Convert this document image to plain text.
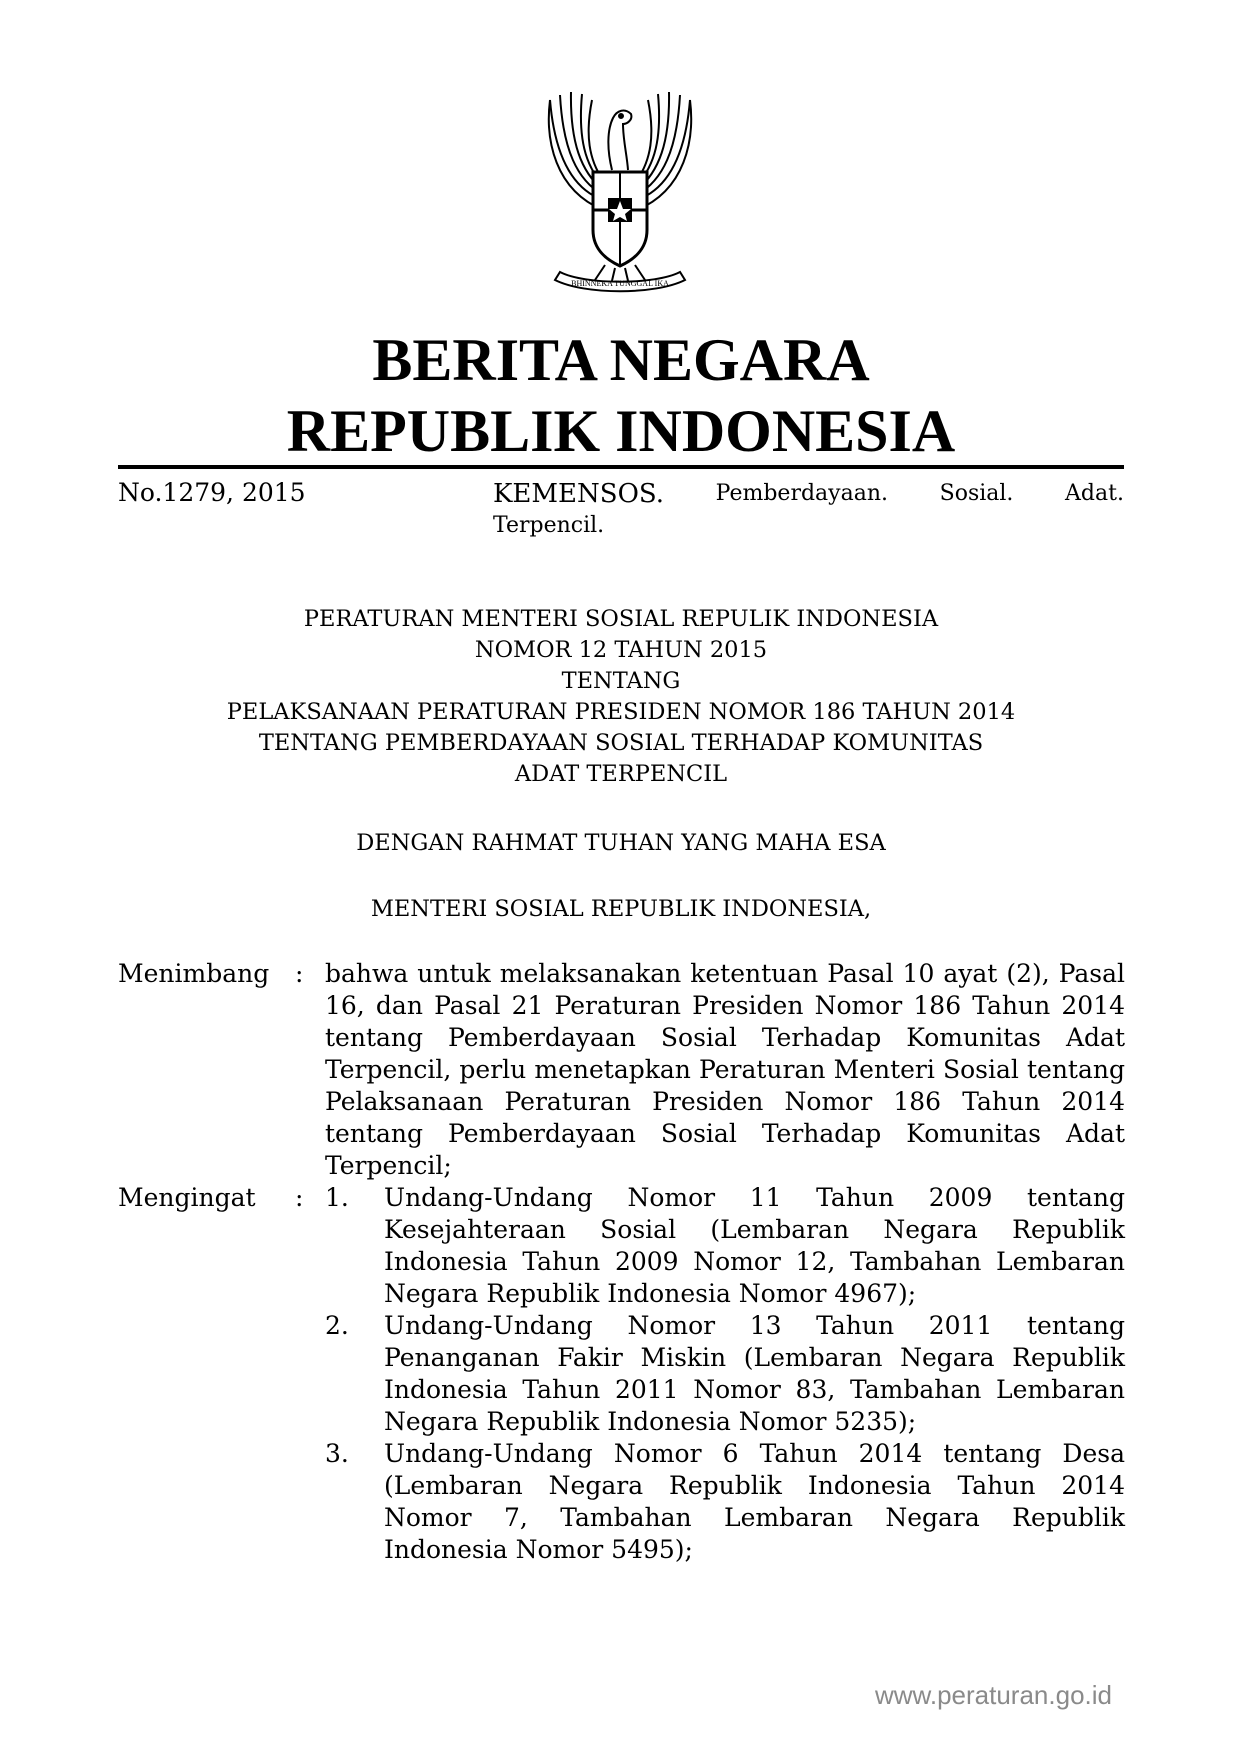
BHINNEKA TUNGGAL IKA
BERITA NEGARA
REPUBLIK INDONESIA
No.1279, 2015	KEMENSOS. Pemberdayaan. Sosial. Adat.
Terpencil.
PERATURAN MENTERI SOSIAL REPULIK INDONESIA
NOMOR 12 TAHUN 2015
TENTANG
PELAKSANAAN PERATURAN PRESIDEN NOMOR 186 TAHUN 2014
TENTANG PEMBERDAYAAN SOSIAL TERHADAP KOMUNITAS
ADAT TERPENCIL
DENGAN RAHMAT TUHAN YANG MAHA ESA
MENTERI SOSIAL REPUBLIK INDONESIA,
Menimbang : bahwa untuk melaksanakan ketentuan Pasal 10 ayat (2), Pasal 16, dan Pasal 21 Peraturan Presiden Nomor 186 Tahun 2014 tentang Pemberdayaan Sosial Terhadap Komunitas Adat Terpencil, perlu menetapkan Peraturan Menteri Sosial tentang Pelaksanaan Peraturan Presiden Nomor 186 Tahun 2014 tentang Pemberdayaan Sosial Terhadap Komunitas Adat Terpencil;
Mengingat : 1. Undang-Undang Nomor 11 Tahun 2009 tentang Kesejahteraan Sosial (Lembaran Negara Republik Indonesia Tahun 2009 Nomor 12, Tambahan Lembaran Negara Republik Indonesia Nomor 4967);
2. Undang-Undang Nomor 13 Tahun 2011 tentang Penanganan Fakir Miskin (Lembaran Negara Republik Indonesia Tahun 2011 Nomor 83, Tambahan Lembaran Negara Republik Indonesia Nomor 5235);
3. Undang-Undang Nomor 6 Tahun 2014 tentang Desa (Lembaran Negara Republik Indonesia Tahun 2014 Nomor 7, Tambahan Lembaran Negara Republik Indonesia Nomor 5495);
www.peraturan.go.id
